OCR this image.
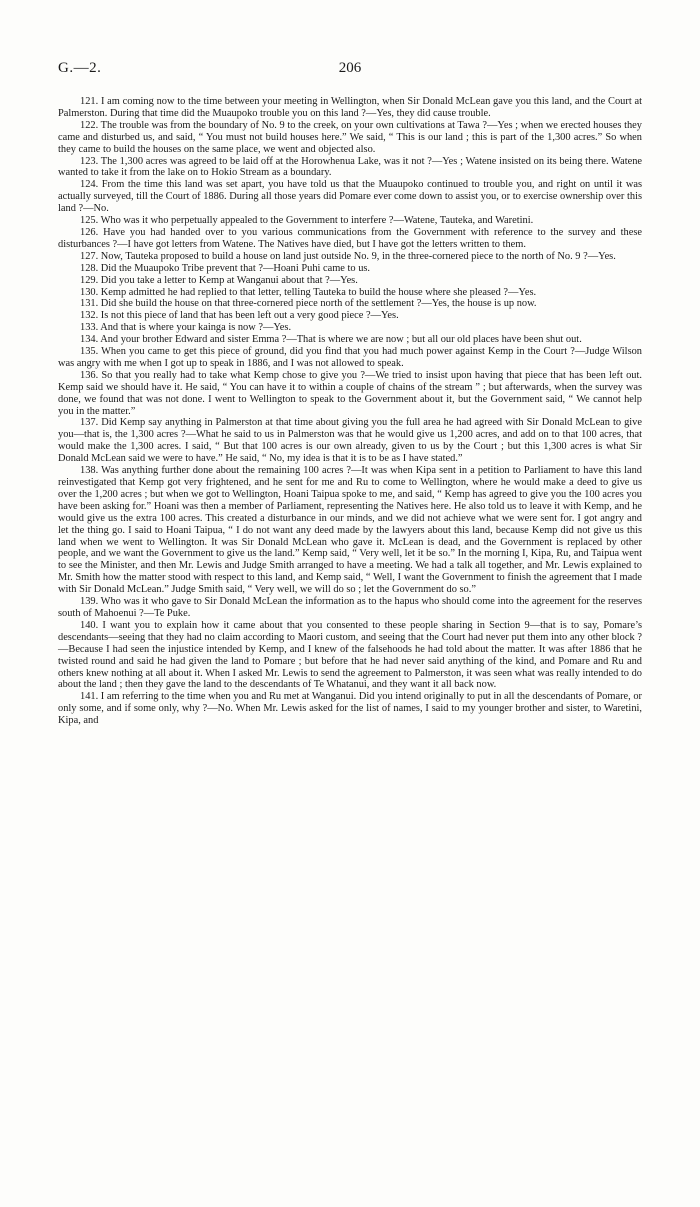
G.—2.	206

121. I am coming now to the time between your meeting in Wellington, when Sir Donald McLean gave you this land, and the Court at Palmerston. During that time did the Muaupoko trouble you on this land ?—Yes, they did cause trouble.

122. The trouble was from the boundary of No. 9 to the creek, on your own cultivations at Tawa ?—Yes ; when we erected houses they came and disturbed us, and said, “ You must not build houses here.” We said, “ This is our land ; this is part of the 1,300 acres.” So when they came to build the houses on the same place, we went and objected also.

123. The 1,300 acres was agreed to be laid off at the Horowhenua Lake, was it not ?—Yes ; Watene insisted on its being there. Watene wanted to take it from the lake on to Hokio Stream as a boundary.

124. From the time this land was set apart, you have told us that the Muaupoko continued to trouble you, and right on until it was actually surveyed, till the Court of 1886. During all those years did Pomare ever come down to assist you, or to exercise ownership over this land ?—No.

125. Who was it who perpetually appealed to the Government to interfere ?—Watene, Tauteka, and Waretini.

126. Have you had handed over to you various communications from the Government with reference to the survey and these disturbances ?—I have got letters from Watene. The Natives have died, but I have got the letters written to them.

127. Now, Tauteka proposed to build a house on land just outside No. 9, in the three-cornered piece to the north of No. 9 ?—Yes.

128. Did the Muaupoko Tribe prevent that ?—Hoani Puhi came to us.

129. Did you take a letter to Kemp at Wanganui about that ?—Yes.

130. Kemp admitted he had replied to that letter, telling Tauteka to build the house where she pleased ?—Yes.

131. Did she build the house on that three-cornered piece north of the settlement ?—Yes, the house is up now.

132. Is not this piece of land that has been left out a very good piece ?—Yes.

133. And that is where your kainga is now ?—Yes.

134. And your brother Edward and sister Emma ?—That is where we are now ; but all our old places have been shut out.

135. When you came to get this piece of ground, did you find that you had much power against Kemp in the Court ?—Judge Wilson was angry with me when I got up to speak in 1886, and I was not allowed to speak.

136. So that you really had to take what Kemp chose to give you ?—We tried to insist upon having that piece that has been left out. Kemp said we should have it. He said, “ You can have it to within a couple of chains of the stream ” ; but afterwards, when the survey was done, we found that was not done. I went to Wellington to speak to the Government about it, but the Government said, “ We cannot help you in the matter.”

137. Did Kemp say anything in Palmerston at that time about giving you the full area he had agreed with Sir Donald McLean to give you—that is, the 1,300 acres ?—What he said to us in Palmerston was that he would give us 1,200 acres, and add on to that 100 acres, that would make the 1,300 acres. I said, “ But that 100 acres is our own already, given to us by the Court ; but this 1,300 acres is what Sir Donald McLean said we were to have.” He said, “ No, my idea is that it is to be as I have stated.”

138. Was anything further done about the remaining 100 acres ?—It was when Kipa sent in a petition to Parliament to have this land reinvestigated that Kemp got very frightened, and he sent for me and Ru to come to Wellington, where he would make a deed to give us over the 1,200 acres ; but when we got to Wellington, Hoani Taipua spoke to me, and said, “ Kemp has agreed to give you the 100 acres you have been asking for.” Hoani was then a member of Parliament, representing the Natives here. He also told us to leave it with Kemp, and he would give us the extra 100 acres. This created a disturbance in our minds, and we did not achieve what we were sent for. I got angry and let the thing go. I said to Hoani Taipua, “ I do not want any deed made by the lawyers about this land, because Kemp did not give us this land when we went to Wellington. It was Sir Donald McLean who gave it. McLean is dead, and the Government is replaced by other people, and we want the Government to give us the land.” Kemp said, “ Very well, let it be so.” In the morning I, Kipa, Ru, and Taipua went to see the Minister, and then Mr. Lewis and Judge Smith arranged to have a meeting. We had a talk all together, and Mr. Lewis explained to Mr. Smith how the matter stood with respect to this land, and Kemp said, “ Well, I want the Government to finish the agreement that I made with Sir Donald McLean.” Judge Smith said, “ Very well, we will do so ; let the Government do so.”

139. Who was it who gave to Sir Donald McLean the information as to the hapus who should come into the agreement for the reserves south of Mahoenui ?—Te Puke.

140. I want you to explain how it came about that you consented to these people sharing in Section 9—that is to say, Pomare’s descendants—seeing that they had no claim according to Maori custom, and seeing that the Court had never put them into any other block ?—Because I had seen the injustice intended by Kemp, and I knew of the falsehoods he had told about the matter. It was after 1886 that he twisted round and said he had given the land to Pomare ; but before that he had never said anything of the kind, and Pomare and Ru and others knew nothing at all about it. When I asked Mr. Lewis to send the agreement to Palmerston, it was seen what was really intended to do about the land ; then they gave the land to the descendants of Te Whatanui, and they want it all back now.

141. I am referring to the time when you and Ru met at Wanganui. Did you intend originally to put in all the descendants of Pomare, or only some, and if some only, why ?—No. When Mr. Lewis asked for the list of names, I said to my younger brother and sister, to Waretini, Kipa, and
